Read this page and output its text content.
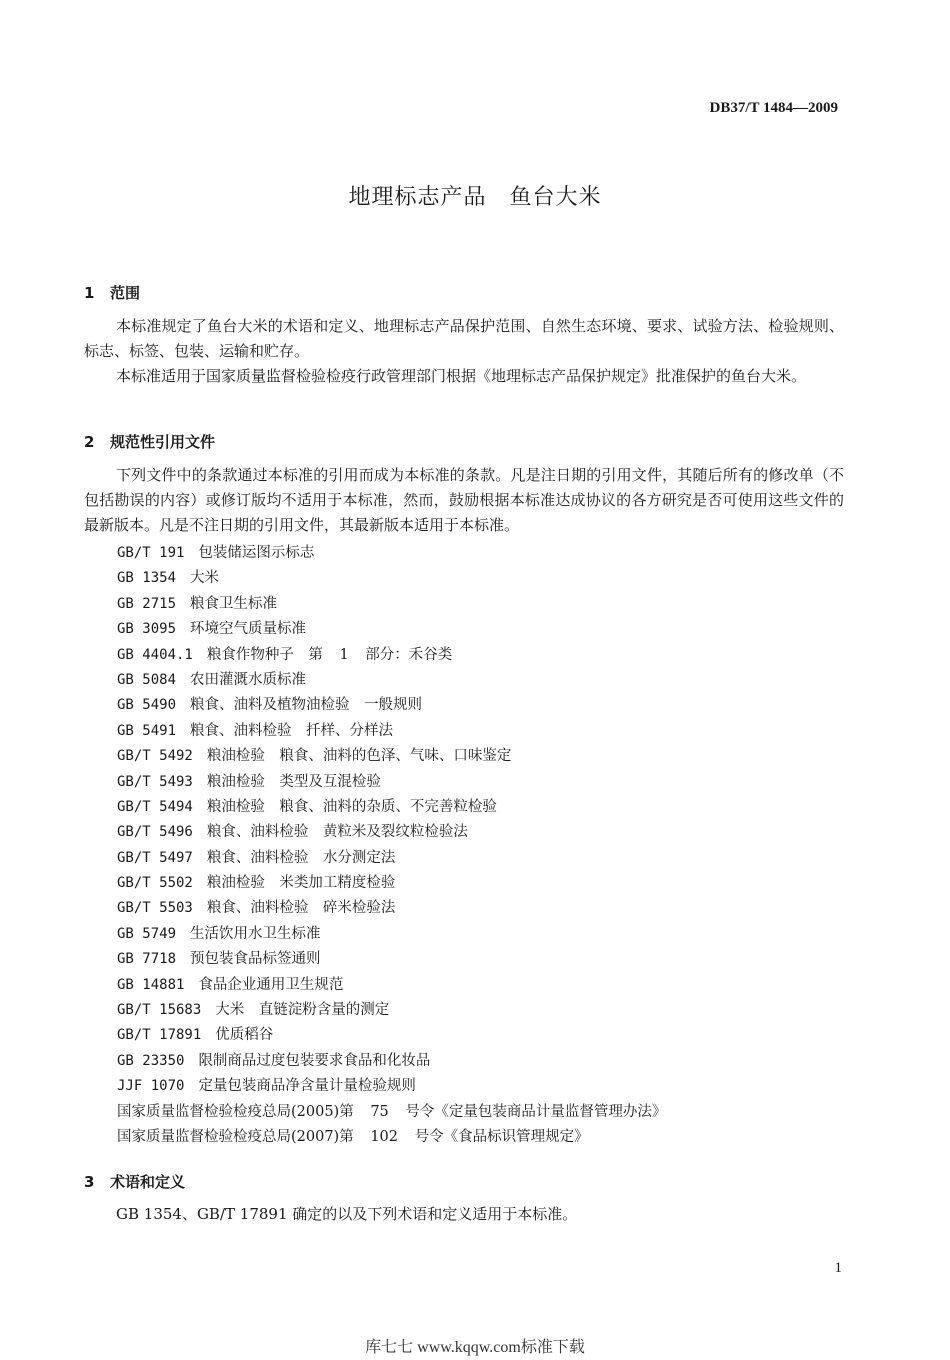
DB37/T 1484—2009
地理标志产品　鱼台大米
1 范围
本标准规定了鱼台大米的术语和定义、地理标志产品保护范围、自然生态环境、要求、试验方法、检验规则、标志、标签、包装、运输和贮存。
本标准适用于国家质量监督检验检疫行政管理部门根据《地理标志产品保护规定》批准保护的鱼台大米。
2 规范性引用文件
下列文件中的条款通过本标准的引用而成为本标准的条款。凡是注日期的引用文件，其随后所有的修改单（不包括勘误的内容）或修订版均不适用于本标准，然而，鼓励根据本标准达成协议的各方研究是否可使用这些文件的最新版本。凡是不注日期的引用文件，其最新版本适用于本标准。
GB/T 191 包装储运图示标志
GB 1354 大米
GB 2715 粮食卫生标准
GB 3095 环境空气质量标准
GB 4404.1 粮食作物种子　第 1 部分：禾谷类
GB 5084 农田灌溉水质标准
GB 5490 粮食、油料及植物油检验　一般规则
GB 5491 粮食、油料检验　扦样、分样法
GB/T 5492 粮油检验　粮食、油料的色泽、气味、口味鉴定
GB/T 5493 粮油检验　类型及互混检验
GB/T 5494 粮油检验　粮食、油料的杂质、不完善粒检验
GB/T 5496 粮食、油料检验　黄粒米及裂纹粒检验法
GB/T 5497 粮食、油料检验　水分测定法
GB/T 5502 粮油检验　米类加工精度检验
GB/T 5503 粮食、油料检验　碎米检验法
GB 5749 生活饮用水卫生标准
GB 7718 预包装食品标签通则
GB 14881 食品企业通用卫生规范
GB/T 15683 大米　直链淀粉含量的测定
GB/T 17891 优质稻谷
GB 23350 限制商品过度包装要求食品和化妆品
JJF 1070 定量包装商品净含量计量检验规则
国家质量监督检验检疫总局(2005)第 75 号令《定量包装商品计量监督管理办法》
国家质量监督检验检疫总局(2007)第 102 号令《食品标识管理规定》
3 术语和定义
GB 1354、GB/T 17891 确定的以及下列术语和定义适用于本标准。
1
库七七 www.kqqw.com标准下载
